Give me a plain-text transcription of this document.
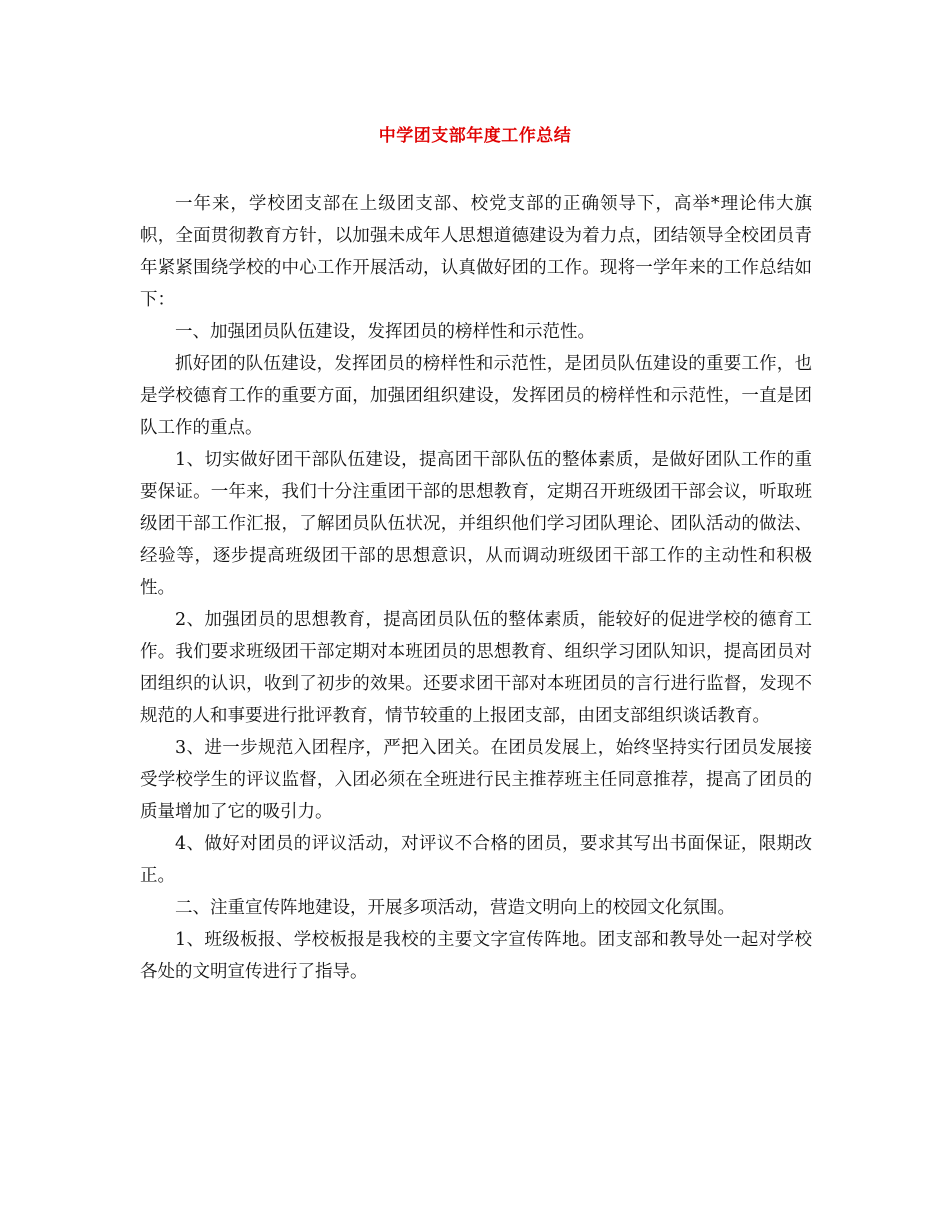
中学团支部年度工作总结

一年来，学校团支部在上级团支部、校党支部的正确领导下，高举*理论伟大旗帜，全面贯彻教育方针，以加强未成年人思想道德建设为着力点，团结领导全校团员青年紧紧围绕学校的中心工作开展活动，认真做好团的工作。现将一学年来的工作总结如下：

一、加强团员队伍建设，发挥团员的榜样性和示范性。

抓好团的队伍建设，发挥团员的榜样性和示范性，是团员队伍建设的重要工作，也是学校德育工作的重要方面，加强团组织建设，发挥团员的榜样性和示范性，一直是团队工作的重点。

1、切实做好团干部队伍建设，提高团干部队伍的整体素质，是做好团队工作的重要保证。一年来，我们十分注重团干部的思想教育，定期召开班级团干部会议，听取班级团干部工作汇报，了解团员队伍状况，并组织他们学习团队理论、团队活动的做法、经验等，逐步提高班级团干部的思想意识，从而调动班级团干部工作的主动性和积极性。

2、加强团员的思想教育，提高团员队伍的整体素质，能较好的促进学校的德育工作。我们要求班级团干部定期对本班团员的思想教育、组织学习团队知识，提高团员对团组织的认识，收到了初步的效果。还要求团干部对本班团员的言行进行监督，发现不规范的人和事要进行批评教育，情节较重的上报团支部，由团支部组织谈话教育。

3、进一步规范入团程序，严把入团关。在团员发展上，始终坚持实行团员发展接受学校学生的评议监督，入团必须在全班进行民主推荐班主任同意推荐，提高了团员的质量增加了它的吸引力。

4、做好对团员的评议活动，对评议不合格的团员，要求其写出书面保证，限期改正。

二、注重宣传阵地建设，开展多项活动，营造文明向上的校园文化氛围。

1、班级板报、学校板报是我校的主要文字宣传阵地。团支部和教导处一起对学校各处的文明宣传进行了指导。
